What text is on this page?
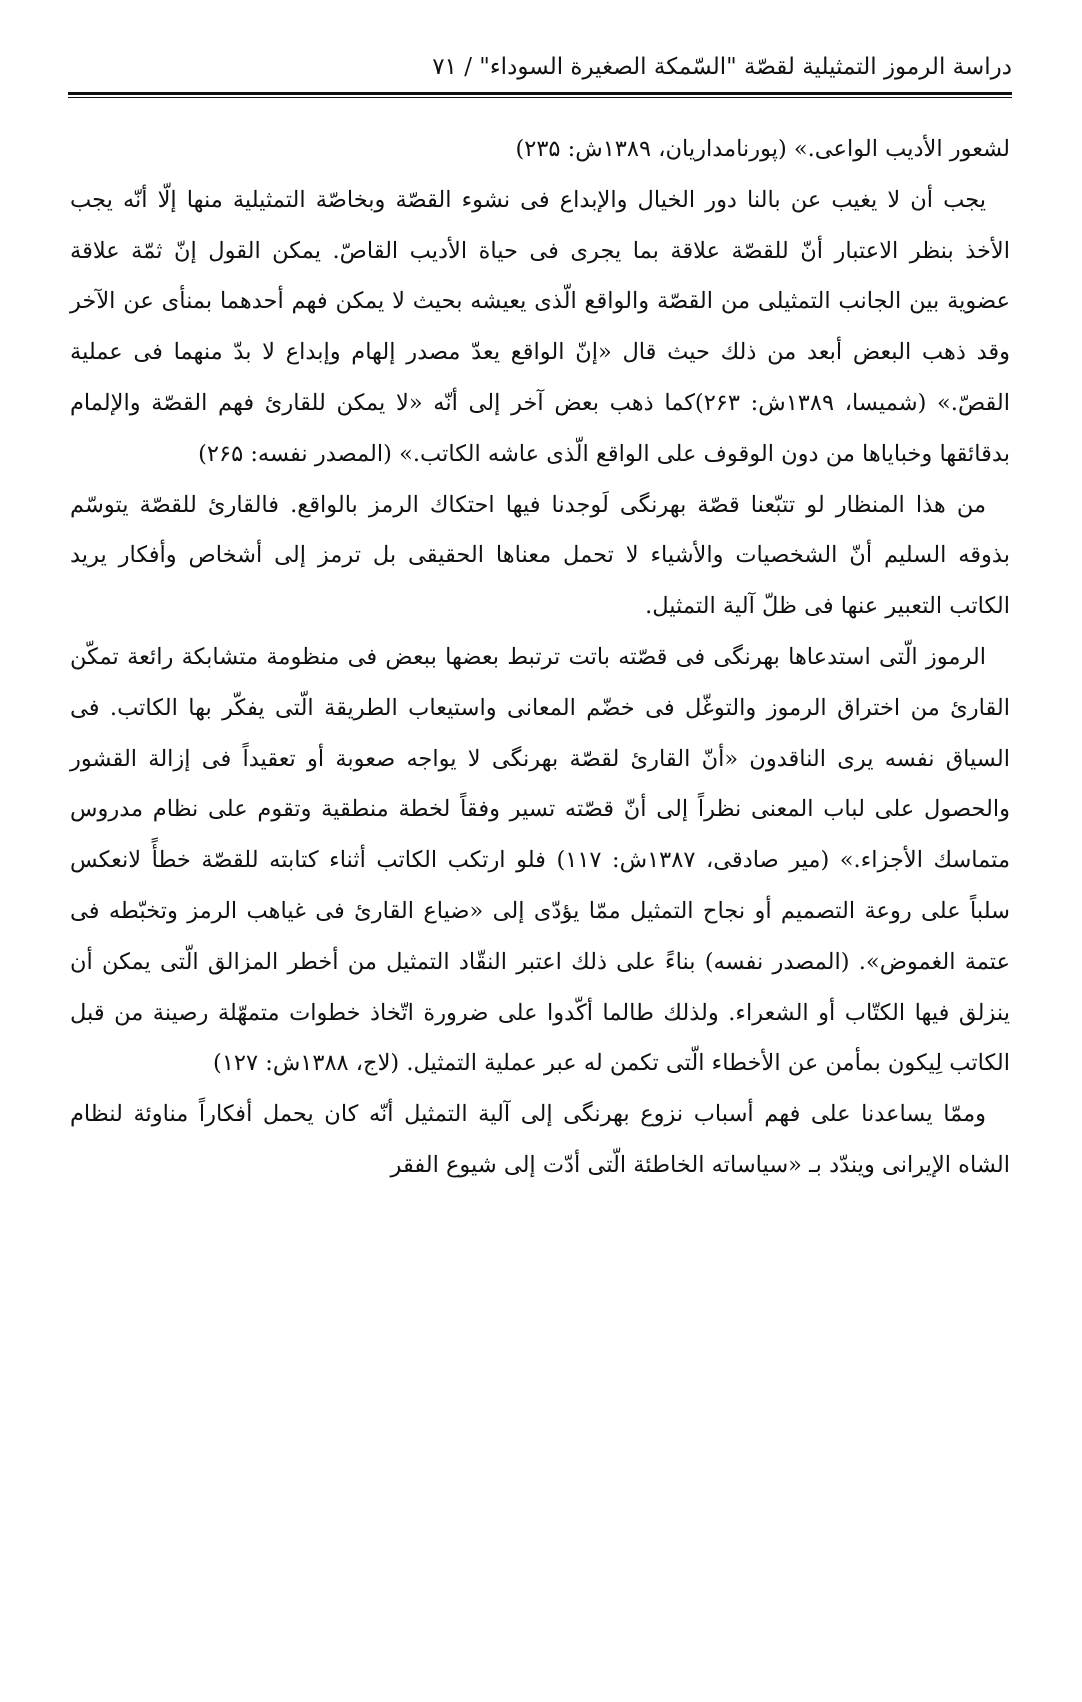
دراسة الرموز التمثيلية لقصّة "السّمكة الصغيرة السوداء" / ٧١

لشعور الأديب الواعی.» (پورنامداريان، ۱۳۸۹ش: ۲۳۵)

يجب أن لا يغيب عن بالنا دور الخيال والإبداع فی نشوء القصّة وبخاصّة التمثيلية منها إلّا أنّه يجب الأخذ بنظر الاعتبار أنّ للقصّة علاقة بما يجری فی حياة الأديب القاصّ. يمكن القول إنّ ثمّة علاقة عضوية بين الجانب التمثيلی من القصّة والواقع الّذی يعيشه بحيث لا يمكن فهم أحدهما بمنأی عن الآخر وقد ذهب البعض أبعد من ذلك حيث قال «إنّ الواقع يعدّ مصدر إلهام وإبداع لا بدّ منهما فی عملية القصّ.» (شميسا، ۱۳۸۹ش: ۲۶۳)كما ذهب بعض آخر إلی أنّه «لا يمكن للقارئ فهم القصّة والإلمام بدقائقها وخباياها من دون الوقوف علی الواقع الّذی عاشه الكاتب.» (المصدر نفسه: ۲۶۵)

من هذا المنظار لو تتبّعنا قصّة بهرنگی لَوجدنا فيها احتكاك الرمز بالواقع. فالقارئ للقصّة يتوسّم بذوقه السليم أنّ الشخصيات والأشياء لا تحمل معناها الحقيقی بل ترمز إلی أشخاص وأفكار يريد الكاتب التعبير عنها فی ظلّ آلية التمثيل.

الرموز الّتی استدعاها بهرنگی فی قصّته باتت ترتبط بعضها ببعض فی منظومة متشابكة رائعة تمكّن القارئ من اختراق الرموز والتوغّل فی خضّم المعانی واستيعاب الطريقة الّتی يفكّر بها الكاتب. فی السياق نفسه يری الناقدون «أنّ القارئ لقصّة بهرنگی لا يواجه صعوبة أو تعقيداً فی إزالة القشور والحصول علی لباب المعنی نظراً إلی أنّ قصّته تسير وفقاً لخطة منطقية وتقوم علی نظام مدروس متماسك الأجزاء.» (مير صادقی، ۱۳۸۷ش: ۱۱۷) فلو ارتكب الكاتب أثناء كتابته للقصّة خطأً لانعكس سلباً علی روعة التصميم أو نجاح التمثيل ممّا يؤدّی إلی «ضياع القارئ فی غياهب الرمز وتخبّطه فی عتمة الغموض». (المصدر نفسه) بناءً علی ذلك اعتبر النقّاد التمثيل من أخطر المزالق الّتی يمكن أن ينزلق فيها الكتّاب أو الشعراء. ولذلك طالما أكّدوا علی ضرورة اتّخاذ خطوات متمهّلة رصينة من قبل الكاتب لِيكون بمأمن عن الأخطاء الّتی تكمن له عبر عملية التمثيل. (لاج، ۱۳۸۸ش: ۱۲۷)

وممّا يساعدنا علی فهم أسباب نزوع بهرنگی إلی آلية التمثيل أنّه كان يحمل أفكاراً مناوئة لنظام الشاه الإيرانی ويندّد بـ «سياساته الخاطئة الّتی أدّت إلی شيوع الفقر
